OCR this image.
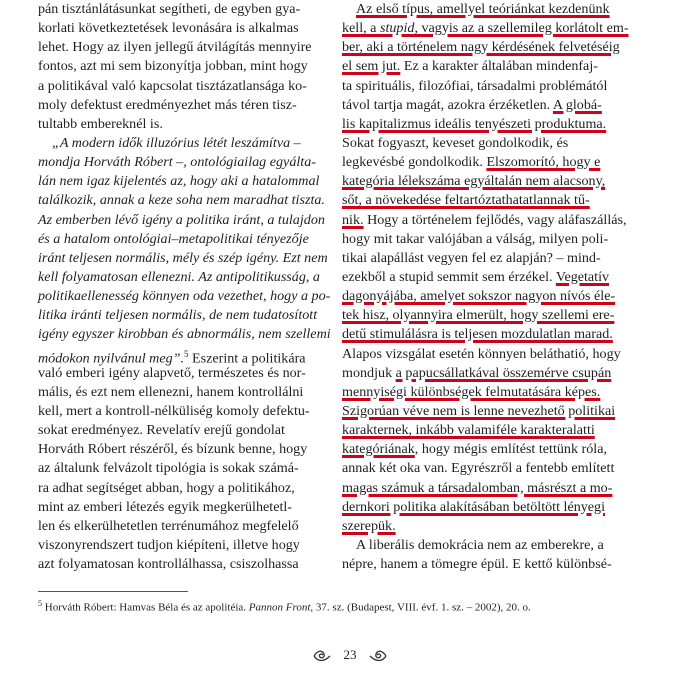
pán tisztánlátásunkat segítheti, de egyben gya-
korlati következtetések levonására is alkalmas
lehet. Hogy az ilyen jellegű átvilágítás mennyire
fontos, azt mi sem bizonyítja jobban, mint hogy
a politikával való kapcsolat tisztázatlansága ko-
moly defektust eredményezhet más téren tisz-
tultabb embereknél is.
„A modern idők illuzórius létét leszámítva –
mondja Horváth Róbert –, ontológiailag egyáltа-
lán nem igaz kijelentés az, hogy aki a hatalommal
találkozik, annak a keze soha nem maradhat tiszta.
Az emberben lévő igény a politika iránt, a tulajdon
és a hatalom ontológiai–metapolitikai tényezője
iránt teljesen normális, mély és szép igény. Ezt nem
kell folyamatosan ellenezni. Az antipolitikusság, a
politikaellenesség könnyen oda vezethet, hogy a po-
litika iránti teljesen normális, de nem tudatosított
igény egyszer kirobban és abnormális, nem szellemi
módokon nyilvánul meg”.$^5$ Eszerint a politikára
való emberi igény alapvető, természetes és nor-
mális, és ezt nem ellenezni, hanem kontrollálni
kell, mert a kontroll-nélküliség komoly defektu-
sokat eredményez. Revelatív erejű gondolat
Horváth Róbert részéről, és bízunk benne, hogy
az általunk felvázolt tipológia is sokak számá-
ra adhat segítséget abban, hogy a politikához,
mint az emberi létezés egyik megkerülhetetl-
len és elkerülhetetlen terrénumához megfelelő
viszonyrendszert tudjon kiépíteni, illetve hogy
azt folyamatosan kontrollálhassa, csiszolhassa
Az első típus, amellyel teóriánkat kezdenünk
kell, a stupid, vagyis az a szellemileg korlátolt em-
ber, aki a történelem nagy kérdésének felvetéséig
el sem jut. Ez a karakter általában mindenfaj-
ta spirituális, filozófiai, társadalmi problémától
távol tartja magát, azokra érzéketlen. A globá-
lis kapitalizmus ideális tenyészeti produktuma.
Sokat fogyaszt, keveset gondolkodik, és
legkevésbé gondolkodik. Elszomorító, hogy e
kategória lélekszáma egyáltalán nem alacsony,
sőt, a növekedése feltartóztathatatlannak tű-
nik. Hogy a történelem fejlődés, vagy aláfaszállás,
hogy mit takar valójában a válság, milyen poli-
tikai alapállást vegyen fel ez alapján? – mind-
ezekből a stupid semmit sem érzékel. Vegetatív
dagonyájába, amelyet sokszor nagyon nívós éle-
tek hisz, olyannyira elmerült, hogy szellemi ere-
detű stimulálásra is teljesen mozdulatlan marad.
Alapos vizsgálat esetén könnyen beláthatió, hogy
mondjuk a papucsállatkával összemérve csupán
mennyiségi különbségek felmutatására képes.
Szigorúan véve nem is lenne nevezhető politikai
karakternek, inkább valamiféle karakteralatti
kategóriának, hogy mégis említést tettünk róla,
annak két oka van. Egyrészről a fentebb említett
magas számuk a társadalomban, másrészt a mo-
dernkori politika alakításában betöltött lényegi
szerepük.
A liberális demokrácia nem az emberekre, a
népre, hanem a tömegre épül. E kettő különbsé-
$^5$ Horváth Róbert: Hamvas Béla és az apolitéia. Pannon Front, 37. sz. (Budapest, VIII. évf. 1. sz. – 2002), 20. o.
23
